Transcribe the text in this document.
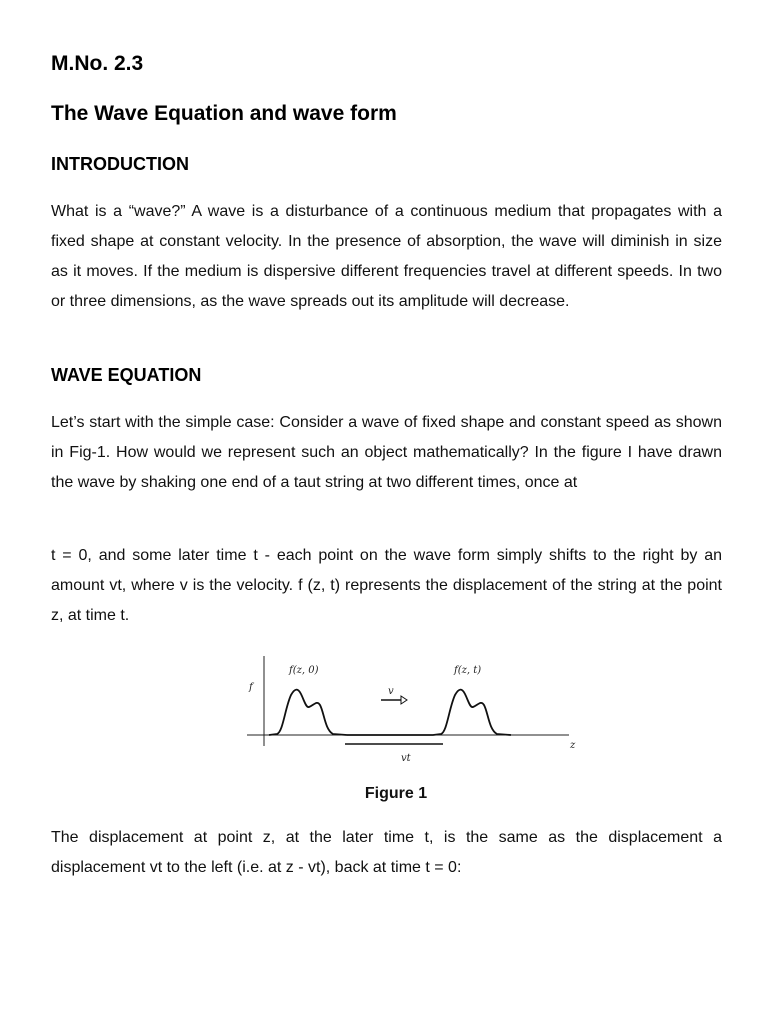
M.No. 2.3
The Wave Equation and wave form
INTRODUCTION

What is a “wave?” A wave is a disturbance of a continuous medium that propagates with a fixed shape at constant velocity. In the presence of absorption, the wave will diminish in size as it moves. If the medium is dispersive different frequencies travel at different speeds. In two or three dimensions, as the wave spreads out its amplitude will decrease.

WAVE EQUATION

Let’s start with the simple case: Consider a wave of fixed shape and constant speed as shown in Fig-1. How would we represent such an object mathematically? In the figure I have drawn the wave by shaking one end of a taut string at two different times, once at

t = 0, and some later time t - each point on the wave form simply shifts to the right by an amount vt, where v is the velocity. f (z, t) represents the displacement of the string at the point z, at time t.

f
z
f(z, 0)	f(z, t)
v
vt
Figure 1

The displacement at point z, at the later time t, is the same as the displacement a displacement vt to the left (i.e. at z - vt), back at time t = 0:
